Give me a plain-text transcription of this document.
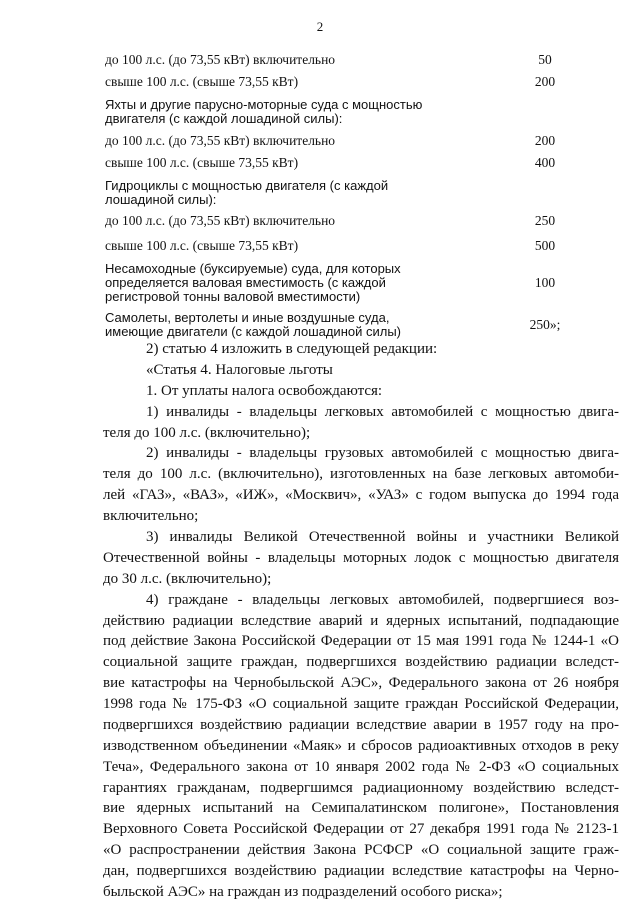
2
до 100 л.с. (до 73,55 кВт) включительно	50
свыше 100 л.с. (свыше 73,55 кВт)	200
Яхты и другие парусно-моторные суда с мощностью
двигателя (с каждой лошадиной силы):
до 100 л.с. (до 73,55 кВт) включительно	200
свыше 100 л.с. (свыше 73,55 кВт)	400
Гидроциклы с мощностью двигателя (с каждой
лошадиной силы):
до 100 л.с. (до 73,55 кВт) включительно	250
свыше 100 л.с. (свыше 73,55 кВт)	500
Несамоходные (буксируемые) суда, для которых
определяется валовая вместимость (с каждой
регистровой тонны валовой вместимости)
100
Самолеты, вертолеты и иные воздушные суда,
имеющие двигатели (с каждой лошадиной силы)	250»;
2) статью 4 изложить в следующей редакции:
«Статья 4. Налоговые льготы
1. От уплаты налога освобождаются:
1) инвалиды - владельцы легковых автомобилей с мощностью двига-
теля до 100 л.с. (включительно);
2) инвалиды - владельцы грузовых автомобилей с мощностью двига-
теля до 100 л.с. (включительно), изготовленных на базе легковых автомоби-
лей «ГАЗ», «ВАЗ», «ИЖ», «Москвич», «УАЗ» с годом выпуска до 1994 года
включительно;
3) инвалиды Великой Отечественной войны и участники Великой
Отечественной войны - владельцы моторных лодок с мощностью двигателя
до 30 л.с. (включительно);
4) граждане - владельцы легковых автомобилей, подвергшиеся воз-
действию радиации вследствие аварий и ядерных испытаний, подпадающие
под действие Закона Российской Федерации от 15 мая 1991 года № 1244-1 «О
социальной защите граждан, подвергшихся воздействию радиации вследст-
вие катастрофы на Чернобыльской АЭС», Федерального закона от 26 ноября
1998 года № 175-ФЗ «О социальной защите граждан Российской Федерации,
подвергшихся воздействию радиации вследствие аварии в 1957 году на про-
изводственном объединении «Маяк» и сбросов радиоактивных отходов в реку
Теча», Федерального закона от 10 января 2002 года № 2-ФЗ «О социальных
гарантиях гражданам, подвергшимся радиационному воздействию вследст-
вие ядерных испытаний на Семипалатинском полигоне», Постановления
Верховного Совета Российской Федерации от 27 декабря 1991 года № 2123-1
«О распространении действия Закона РСФСР «О социальной защите граж-
дан, подвергшихся воздействию радиации вследствие катастрофы на Черно-
быльской АЭС» на граждан из подразделений особого риска»;
